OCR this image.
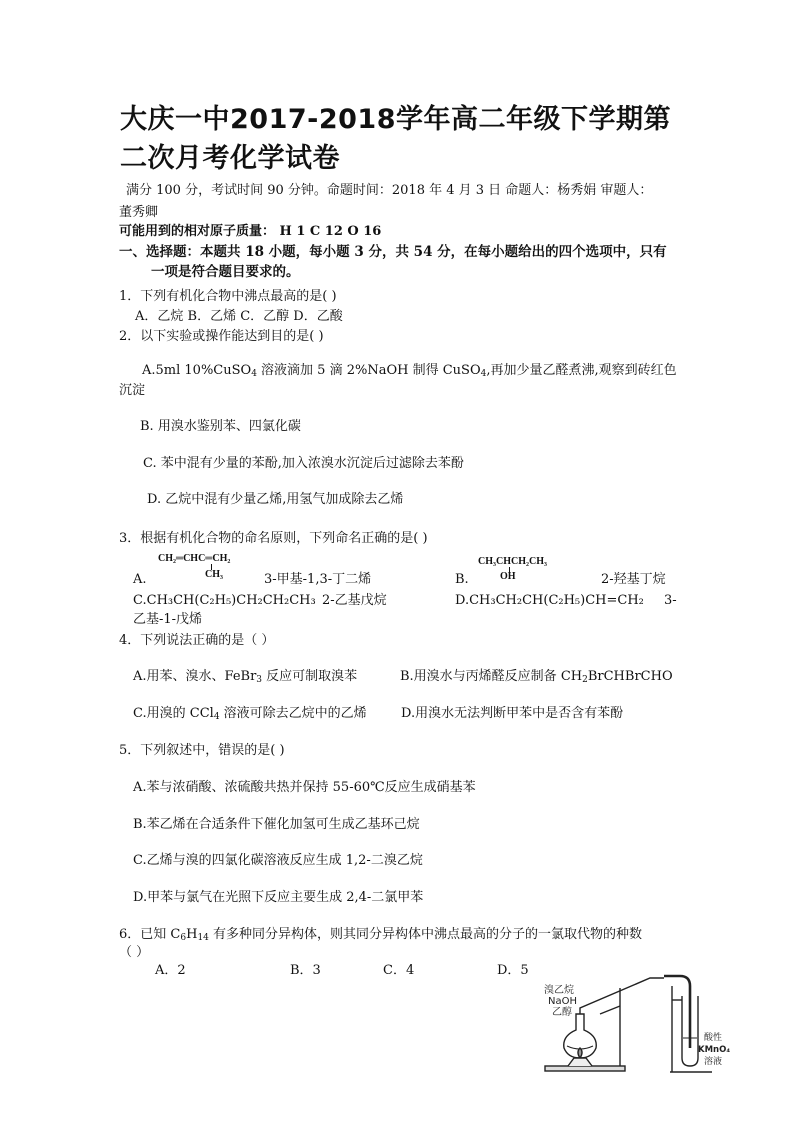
大庆一中2017-2018学年高二年级下学期第
二次月考化学试卷
满分 100 分，考试时间 90 分钟。命题时间：2018 年 4 月 3 日 命题人：杨秀娟 审题人：
董秀卿
可能用到的相对原子质量： H 1 C 12 O 16
一、选择题：本题共 18 小题，每小题 3 分，共 54 分，在每小题给出的四个选项中，只有
一项是符合题目要求的。
1．下列有机化合物中沸点最高的是( )
A．乙烷 B．乙烯 C．乙醇 D．乙酸
2．以下实验或操作能达到目的是( )
A.5ml 10%CuSO$_4$ 溶液滴加 5 滴 2%NaOH 制得 CuSO$_4$,再加少量乙醛煮沸,观察到砖红色
沉淀
B. 用溴水鉴别苯、四氯化碳
C. 苯中混有少量的苯酚,加入浓溴水沉淀后过滤除去苯酚
D. 乙烷中混有少量乙烯,用氢气加成除去乙烯
3．根据有机化合物的命名原则，下列命名正确的是( )
CH₂═CHC═CH₂
CH₃
A.	3-甲基-1,3-丁二烯
CH₃CHCH₂CH₃
OH
B.	2-羟基丁烷
C.CH₃CH(C₂H₅)CH₂CH₂CH₃ 2-乙基戊烷	D.CH₃CH₂CH(C₂H₅)CH=CH₂ 3-
乙基-1-戊烯
4．下列说法正确的是（ ）
A.用苯、溴水、FeBr$_3$ 反应可制取溴苯	B.用溴水与丙烯醛反应制备 $CH_2BrCHBrCHO$
C.用溴的 CCl$_4$ 溶液可除去乙烷中的乙烯	D.用溴水无法判断甲苯中是否含有苯酚
5．下列叙述中，错误的是( )
A.苯与浓硝酸、浓硫酸共热并保持 55-60℃反应生成硝基苯
B.苯乙烯在合适条件下催化加氢可生成乙基环己烷
C.乙烯与溴的四氯化碳溶液反应生成 1,2-二溴乙烷
D.甲苯与氯气在光照下反应主要生成 2,4-二氯甲苯
6．已知 $C_6H_{14}$ 有多种同分异构体，则其同分异构体中沸点最高的分子的一氯取代物的种数
（ ）
A．2	B．3	C．4	D．5
溴乙烷
NaOH
乙醇
酸性
KMnO₄
溶液
